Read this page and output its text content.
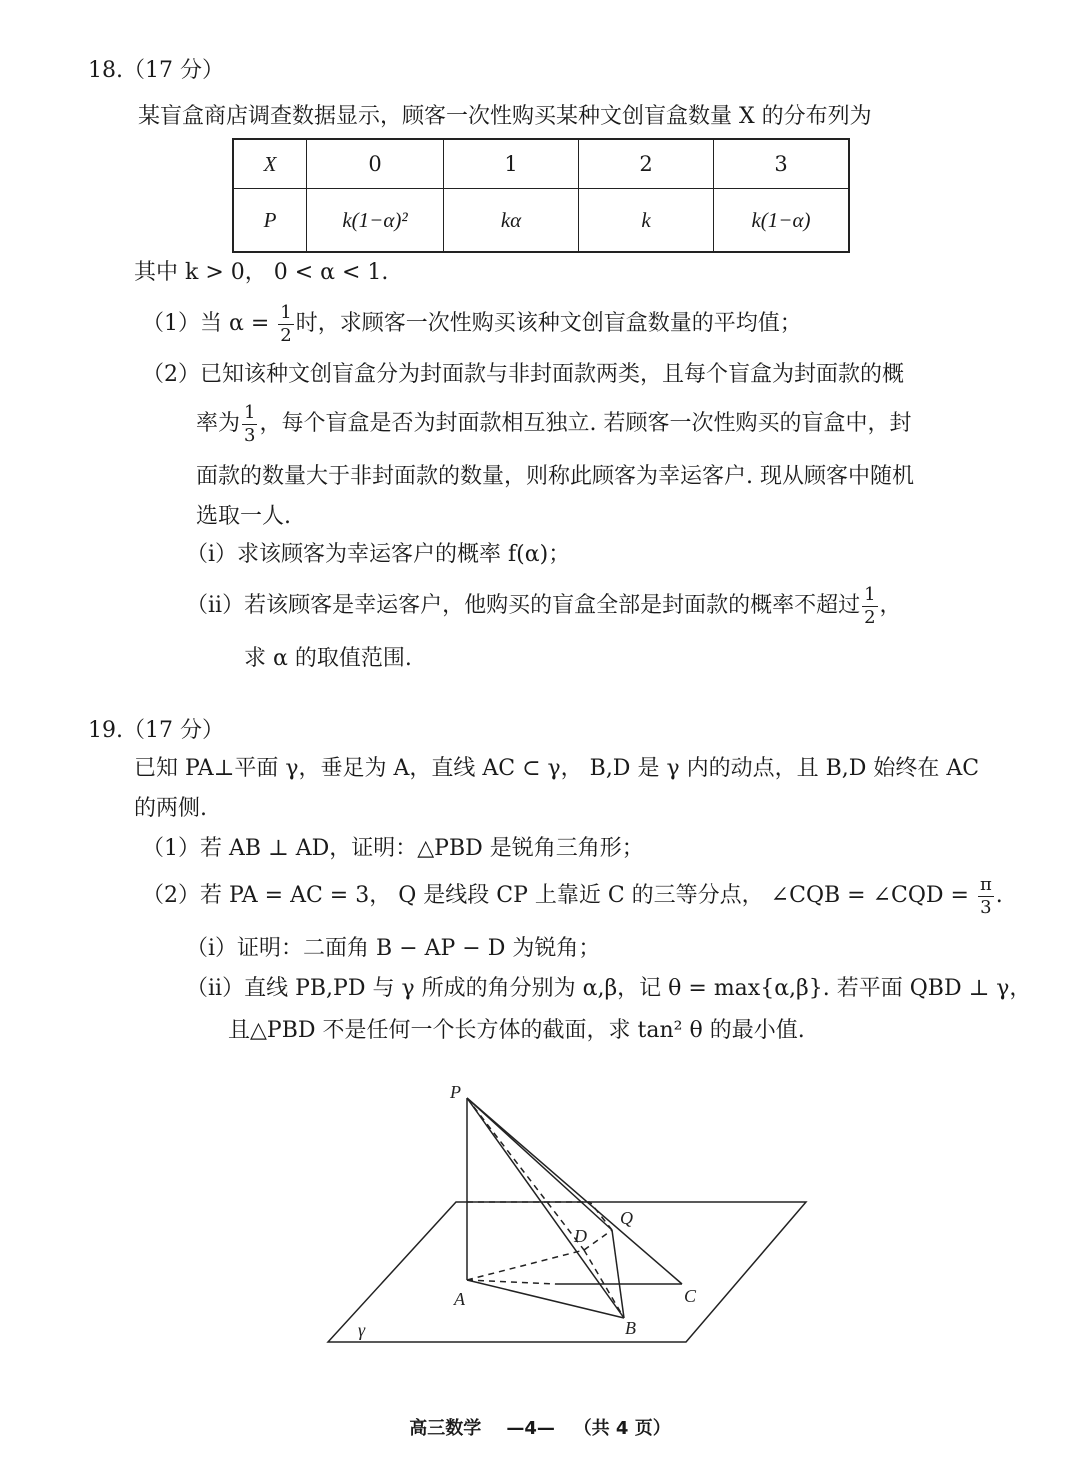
18.（17 分）
某盲盒商店调查数据显示，顾客一次性购买某种文创盲盒数量 X 的分布列为
X	0	1	2	3
P	k(1−α)²	kα	k	k(1−α)
其中 k > 0， 0 < α < 1.
（1）当 $\alpha = \frac{1}{2}$ 时，求顾客一次性购买该种文创盲盒数量的平均值；
（2）已知该种文创盲盒分为封面款与非封面款两类，且每个盲盒为封面款的概
率为 $\frac{1}{3}$ ，每个盲盒是否为封面款相互独立. 若顾客一次性购买的盲盒中，封
面款的数量大于非封面款的数量，则称此顾客为幸运客户. 现从顾客中随机
选取一人.
（i）求该顾客为幸运客户的概率 f(α)；
（ii）若该顾客是幸运客户，他购买的盲盒全部是封面款的概率不超过 $\frac{1}{2}$ ，
求 α 的取值范围.
19.（17 分）
已知 PA⊥平面 γ，垂足为 A，直线 AC ⊂ γ， B,D 是 γ 内的动点，且 B,D 始终在 AC
的两侧.
（1）若 AB ⊥ AD，证明：△PBD 是锐角三角形；
（2）若 PA = AC = 3， Q 是线段 CP 上靠近 C 的三等分点， ∠CQB = ∠CQD = $\frac{\pi}{3}$ .
（i）证明：二面角 B − AP − D 为锐角；
（ii）直线 PB,PD 与 γ 所成的角分别为 α,β，记 θ = max{α,β}. 若平面 QBD ⊥ γ，
且△PBD 不是任何一个长方体的截面，求 tan² θ 的最小值.
P
Q
D
A	C
B
γ
高三数学    —4—   （共 4 页）
